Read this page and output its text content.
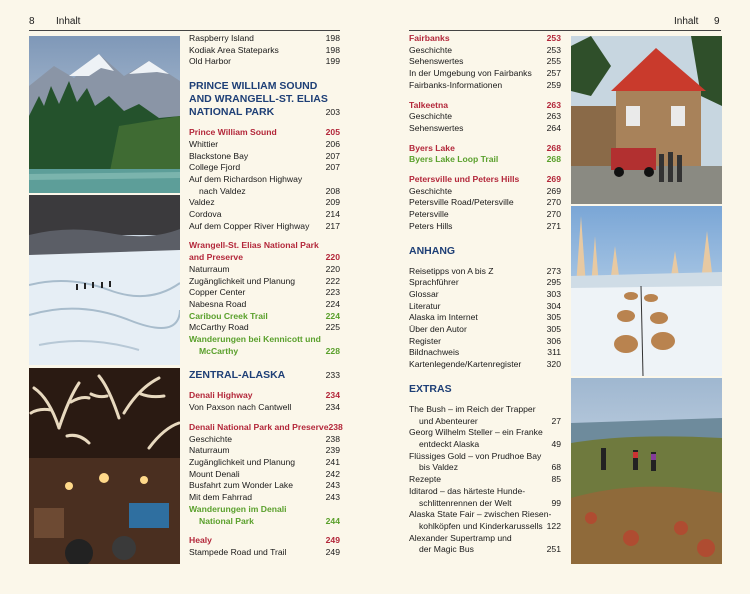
8 Inhalt	Inhalt 9
Raspberry Island	198
Kodiak Area Stateparks	198
Old Harbor	199
PRINCE WILLIAM SOUND
AND WRANGELL-ST. ELIAS
NATIONAL PARK	203
Prince William Sound	205
Whittier	206
Blackstone Bay	207
College Fjord	207
Auf dem Richardson Highway
nach Valdez	208
Valdez	209
Cordova	214
Auf dem Copper River Highway 217
Wrangell-St. Elias National Park
and Preserve	220
Naturraum	220
Zugänglichkeit und Planung	222
Copper Center	223
Nabesna Road	224
Caribou Creek Trail	224
McCarthy Road	225
Wanderungen bei Kennicott und
McCarthy	228
ZENTRAL-ALASKA	233
Denali Highway	234
Von Paxson nach Cantwell	234
Denali National Park and Preserve 238
Geschichte	238
Naturraum	239
Zugänglichkeit und Planung	241
Mount Denali	242
Busfahrt zum Wonder Lake	243
Mit dem Fahrrad	243
Wanderungen im Denali
National Park	244
Healy	249
Stampede Road und Trail	249
Fairbanks	253
Geschichte	253
Sehenswertes	255
In der Umgebung von Fairbanks 257
Fairbanks-Informationen	259
Talkeetna	263
Geschichte	263
Sehenswertes	264
Byers Lake	268
Byers Lake Loop Trail	268
Petersville und Peters Hills	269
Geschichte	269
Petersville Road/Petersville	270
Petersville	270
Peters Hills	271
ANHANG
Reisetipps von A bis Z	273
Sprachführer	295
Glossar	303
Literatur	304
Alaska im Internet	305
Über den Autor	305
Register	306
Bildnachweis	311
Kartenlegende/Kartenregister	320
EXTRAS
The Bush – im Reich der Trapper
und Abenteurer	27
Georg Wilhelm Steller – ein Franke
entdeckt Alaska	49
Flüssiges Gold – von Prudhoe Bay
bis Valdez	68
Rezepte	85
Iditarod – das härteste Hunde-
schlittenrennen der Welt	99
Alaska State Fair – zwischen Riesen-
kohlköpfen und Kinderkarussells 122
Alexander Supertramp und
der Magic Bus	251
